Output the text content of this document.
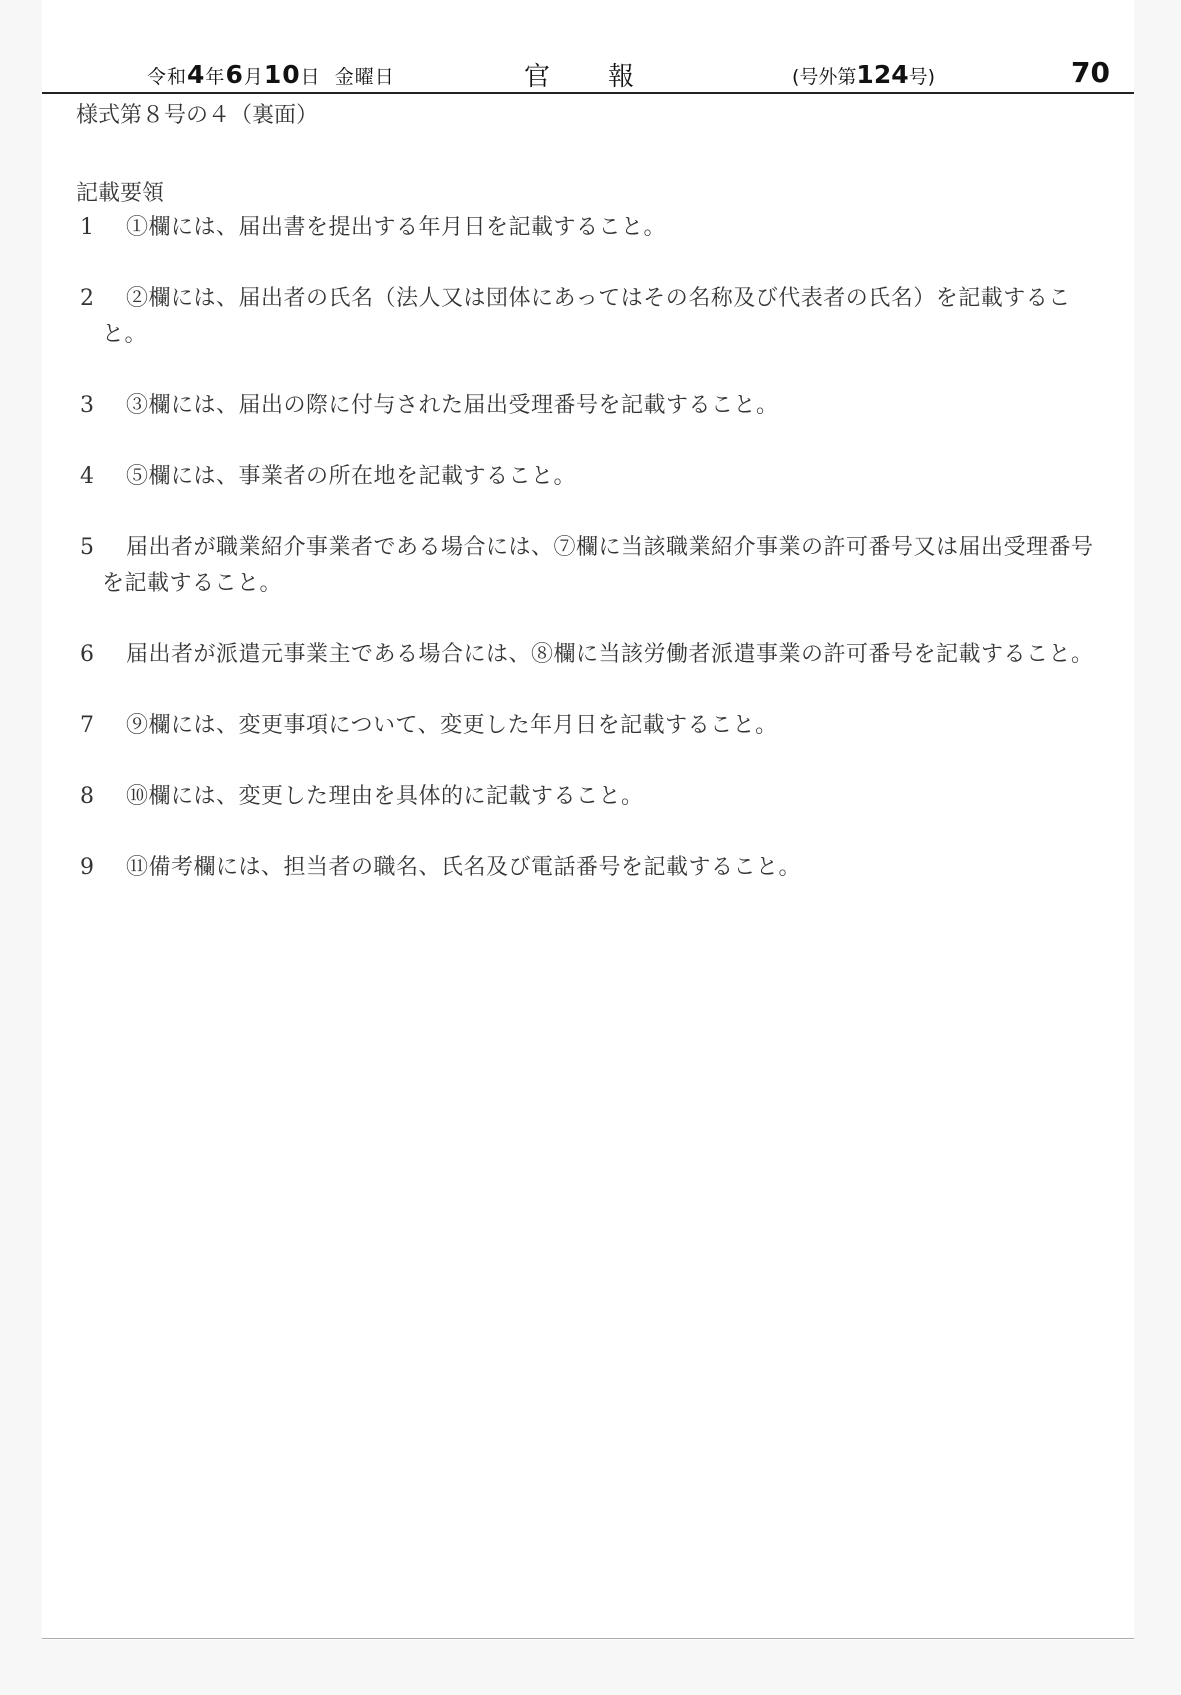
令和4年6月10日 金曜日	官報	(号外第124号)	70
様式第８号の４（裏面）
記載要領
1	①欄には、届出書を提出する年月日を記載すること。
2	②欄には、届出者の氏名（法人又は団体にあってはその名称及び代表者の氏名）を記載すること。
3	③欄には、届出の際に付与された届出受理番号を記載すること。
4	⑤欄には、事業者の所在地を記載すること。
5	届出者が職業紹介事業者である場合には、⑦欄に当該職業紹介事業の許可番号又は届出受理番号を記載すること。
6	届出者が派遣元事業主である場合には、⑧欄に当該労働者派遣事業の許可番号を記載すること。
7	⑨欄には、変更事項について、変更した年月日を記載すること。
8	⑩欄には、変更した理由を具体的に記載すること。
9	⑪備考欄には、担当者の職名、氏名及び電話番号を記載すること。
